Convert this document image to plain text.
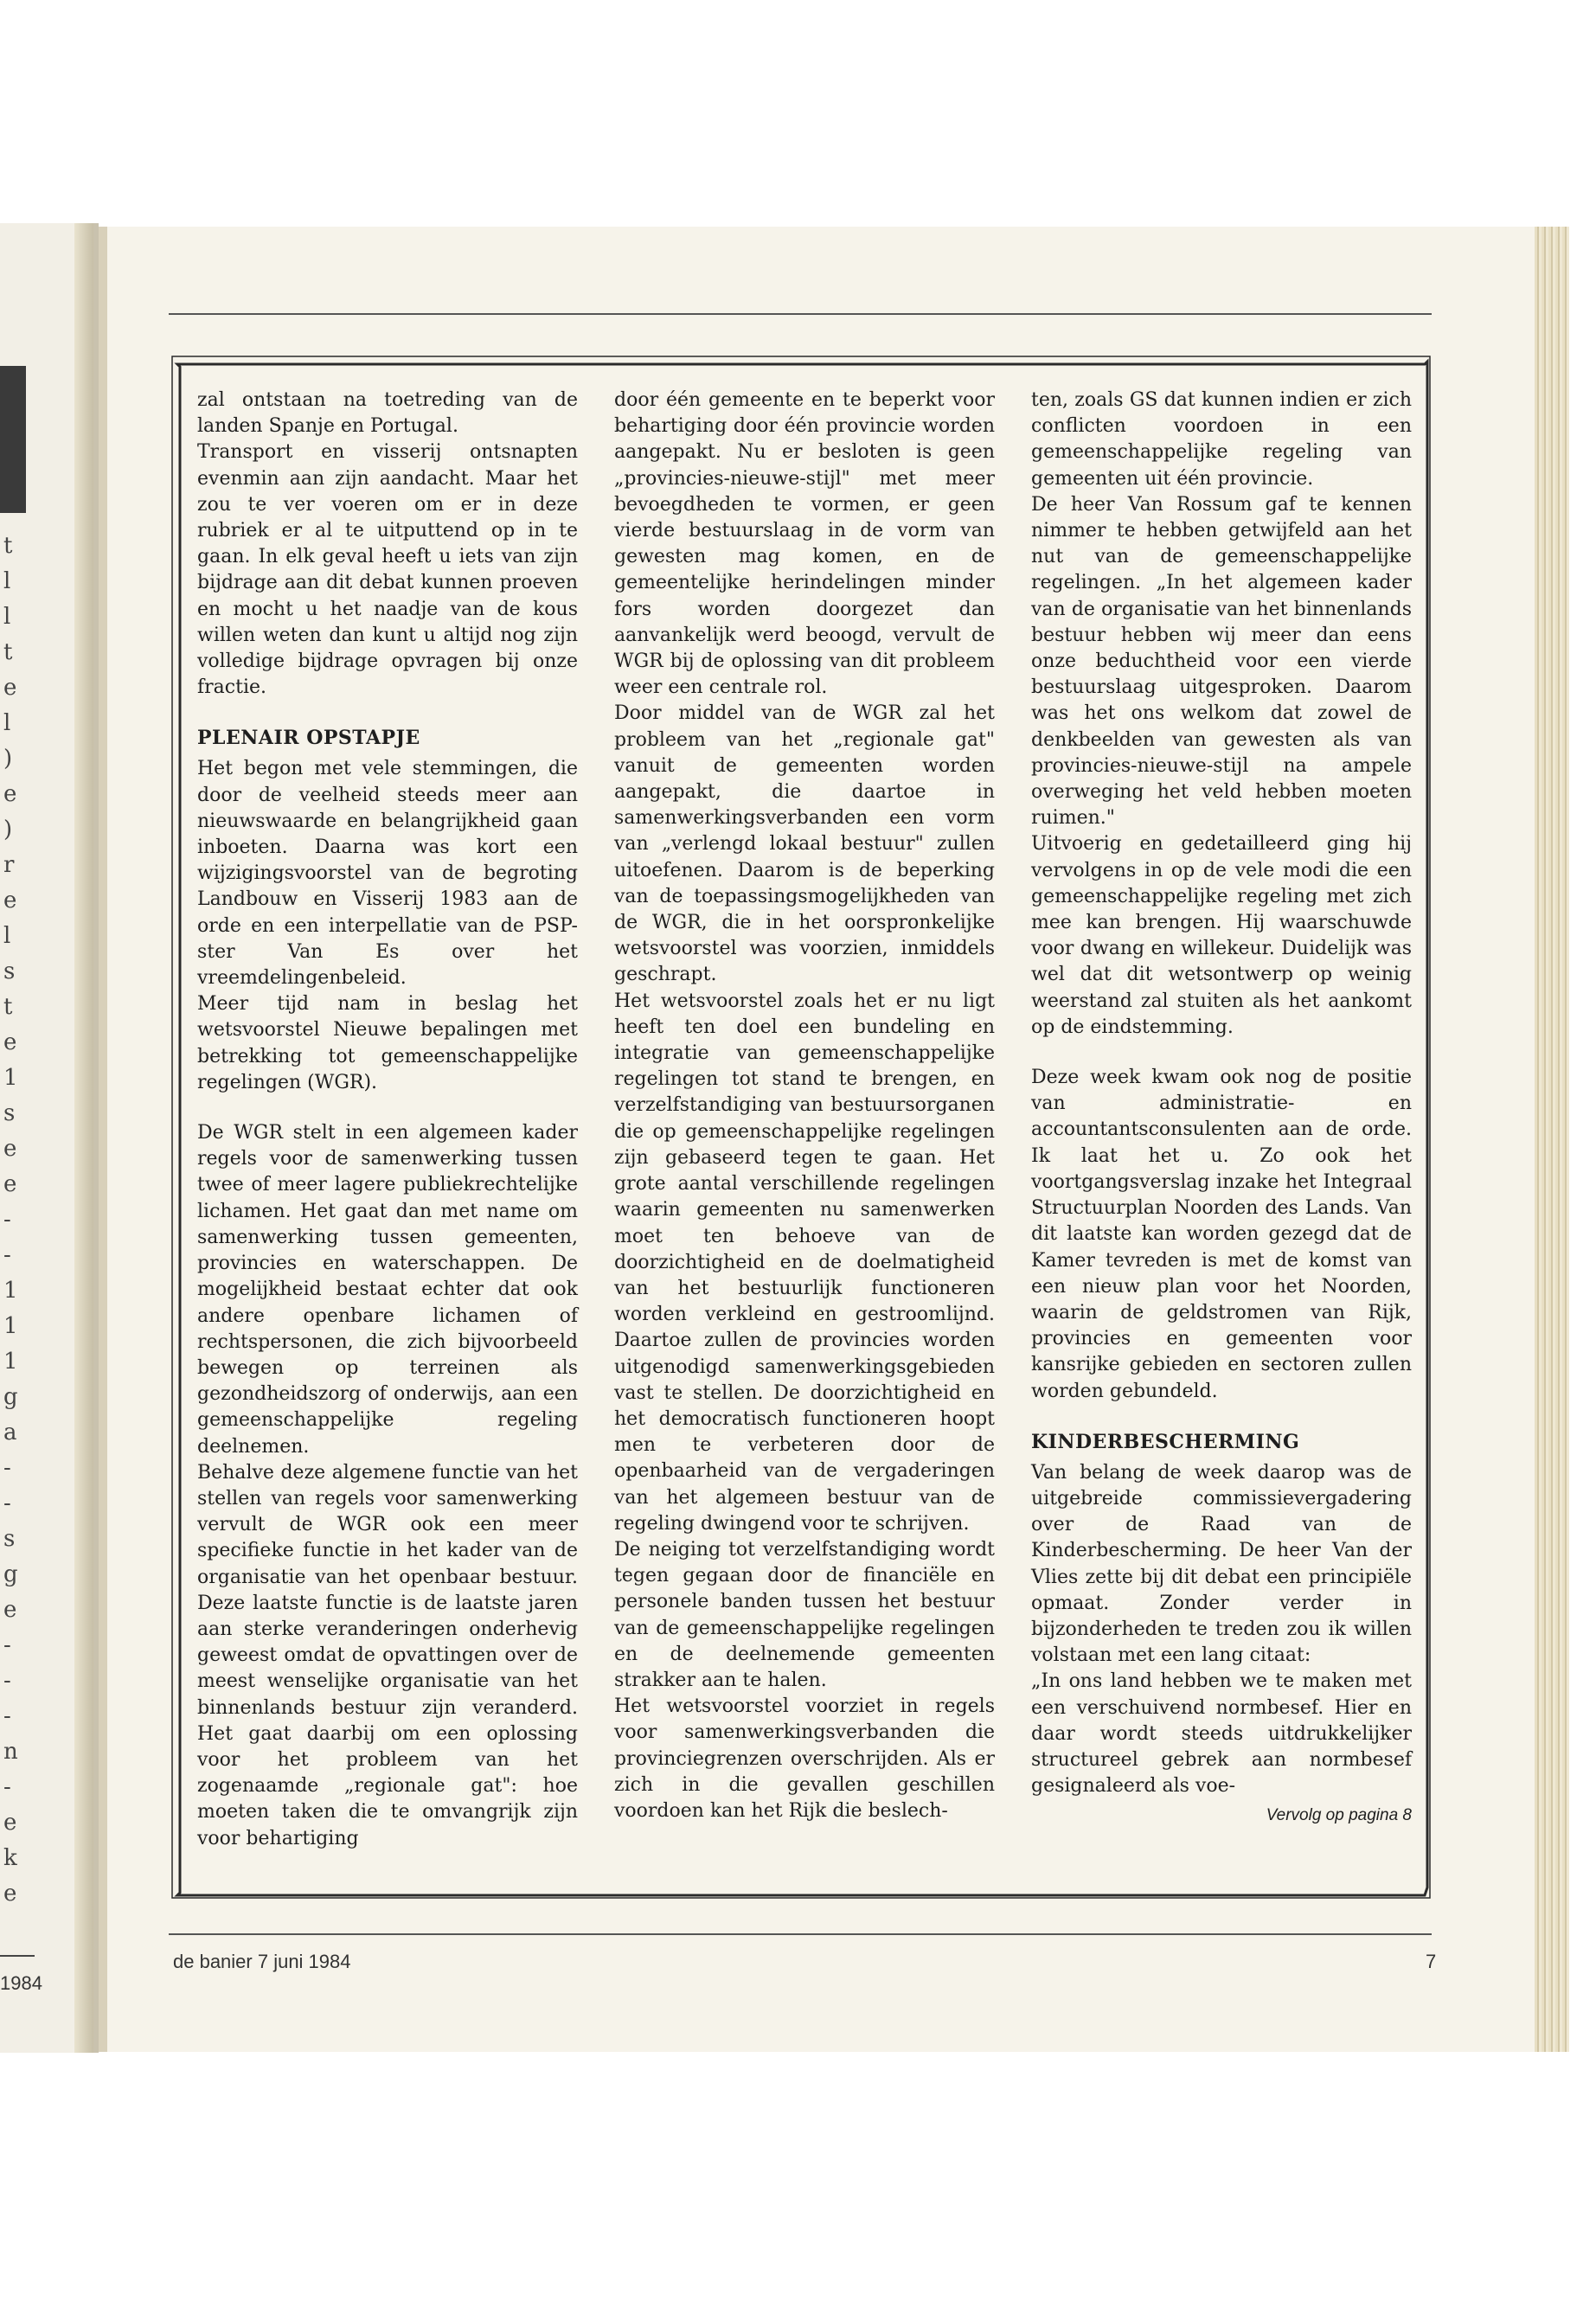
t
l
l
t
e
l
)
e
)
r
e
l
s
t
e
1
s
e
e
-
-
1
1
1
g
a
-
-
s
g
e
-
-
-
n
-
e
k
e
1984

zal ontstaan na toetreding van de landen Spanje en Portugal.

Transport en visserij ontsnapten evenmin aan zijn aandacht. Maar het zou te ver voeren om er in deze rubriek er al te uitputtend op in te gaan. In elk geval heeft u iets van zijn bijdrage aan dit debat kunnen proeven en mocht u het naadje van de kous willen weten dan kunt u altijd nog zijn volledige bijdrage opvragen bij onze fractie.

PLENAIR OPSTAPJE

Het begon met vele stemmingen, die door de veelheid steeds meer aan nieuwswaarde en belangrijkheid gaan inboeten. Daarna was kort een wijzigingsvoorstel van de begroting Landbouw en Visserij 1983 aan de orde en een interpellatie van de PSP-ster Van Es over het vreemdelingenbeleid.

Meer tijd nam in beslag het wetsvoorstel Nieuwe bepalingen met betrekking tot gemeenschappelijke regelingen (WGR).

De WGR stelt in een algemeen kader regels voor de samenwerking tussen twee of meer lagere publiekrechtelijke lichamen. Het gaat dan met name om samenwerking tussen gemeenten, provincies en waterschappen. De mogelijkheid bestaat echter dat ook andere openbare lichamen of rechtspersonen, die zich bijvoorbeeld bewegen op terreinen als gezondheidszorg of onderwijs, aan een gemeenschappelijke regeling deelnemen.

Behalve deze algemene functie van het stellen van regels voor samenwerking vervult de WGR ook een meer specifieke functie in het kader van de organisatie van het openbaar bestuur. Deze laatste functie is de laatste jaren aan sterke veranderingen onderhevig geweest omdat de opvattingen over de meest wenselijke organisatie van het binnenlands bestuur zijn veranderd. Het gaat daarbij om een oplossing voor het probleem van het zogenaamde „regionale gat": hoe moeten taken die te omvangrijk zijn voor behartiging

door één gemeente en te beperkt voor behartiging door één provincie worden aangepakt. Nu er besloten is geen „provincies-nieuwe-stijl" met meer bevoegdheden te vormen, er geen vierde bestuurslaag in de vorm van gewesten mag komen, en de gemeentelijke herindelingen minder fors worden doorgezet dan aanvankelijk werd beoogd, vervult de WGR bij de oplossing van dit probleem weer een centrale rol.

Door middel van de WGR zal het probleem van het „regionale gat" vanuit de gemeenten worden aangepakt, die daartoe in samenwerkingsverbanden een vorm van „verlengd lokaal bestuur" zullen uitoefenen. Daarom is de beperking van de toepassingsmogelijkheden van de WGR, die in het oorspronkelijke wetsvoorstel was voorzien, inmiddels geschrapt.

Het wetsvoorstel zoals het er nu ligt heeft ten doel een bundeling en integratie van gemeenschappelijke regelingen tot stand te brengen, en verzelfstandiging van bestuursorganen die op gemeenschappelijke regelingen zijn gebaseerd tegen te gaan. Het grote aantal verschillende regelingen waarin gemeenten nu samenwerken moet ten behoeve van de doorzichtigheid en de doelmatigheid van het bestuurlijk functioneren worden verkleind en gestroomlijnd. Daartoe zullen de provincies worden uitgenodigd samenwerkingsgebieden vast te stellen. De doorzichtigheid en het democratisch functioneren hoopt men te verbeteren door de openbaarheid van de vergaderingen van het algemeen bestuur van de regeling dwingend voor te schrijven.

De neiging tot verzelfstandiging wordt tegen gegaan door de financiële en personele banden tussen het bestuur van de gemeenschappelijke regelingen en de deelnemende gemeenten strakker aan te halen.

Het wetsvoorstel voorziet in regels voor samenwerkingsverbanden die provinciegrenzen overschrijden. Als er zich in die gevallen geschillen voordoen kan het Rijk die beslech-

ten, zoals GS dat kunnen indien er zich conflicten voordoen in een gemeenschappelijke regeling van gemeenten uit één provincie.

De heer Van Rossum gaf te kennen nimmer te hebben getwijfeld aan het nut van de gemeenschappelijke regelingen. „In het algemeen kader van de organisatie van het binnenlands bestuur hebben wij meer dan eens onze beduchtheid voor een vierde bestuurslaag uitgesproken. Daarom was het ons welkom dat zowel de denkbeelden van gewesten als van provincies-nieuwe-stijl na ampele overweging het veld hebben moeten ruimen."

Uitvoerig en gedetailleerd ging hij vervolgens in op de vele modi die een gemeenschappelijke regeling met zich mee kan brengen. Hij waarschuwde voor dwang en willekeur. Duidelijk was wel dat dit wetsontwerp op weinig weerstand zal stuiten als het aankomt op de eindstemming.

Deze week kwam ook nog de positie van administratie- en accountantsconsulenten aan de orde. Ik laat het u. Zo ook het voortgangsverslag inzake het Integraal Structuurplan Noorden des Lands. Van dit laatste kan worden gezegd dat de Kamer tevreden is met de komst van een nieuw plan voor het Noorden, waarin de geldstromen van Rijk, provincies en gemeenten voor kansrijke gebieden en sectoren zullen worden gebundeld.

KINDERBESCHERMING

Van belang de week daarop was de uitgebreide commissievergadering over de Raad van de Kinderbescherming. De heer Van der Vlies zette bij dit debat een principiële opmaat. Zonder verder in bijzonderheden te treden zou ik willen volstaan met een lang citaat:

„In ons land hebben we te maken met een verschuivend normbesef. Hier en daar wordt steeds uitdrukkelijker structureel gebrek aan normbesef gesignaleerd als voe-

Vervolg op pagina 8
de banier 7 juni 1984	7
